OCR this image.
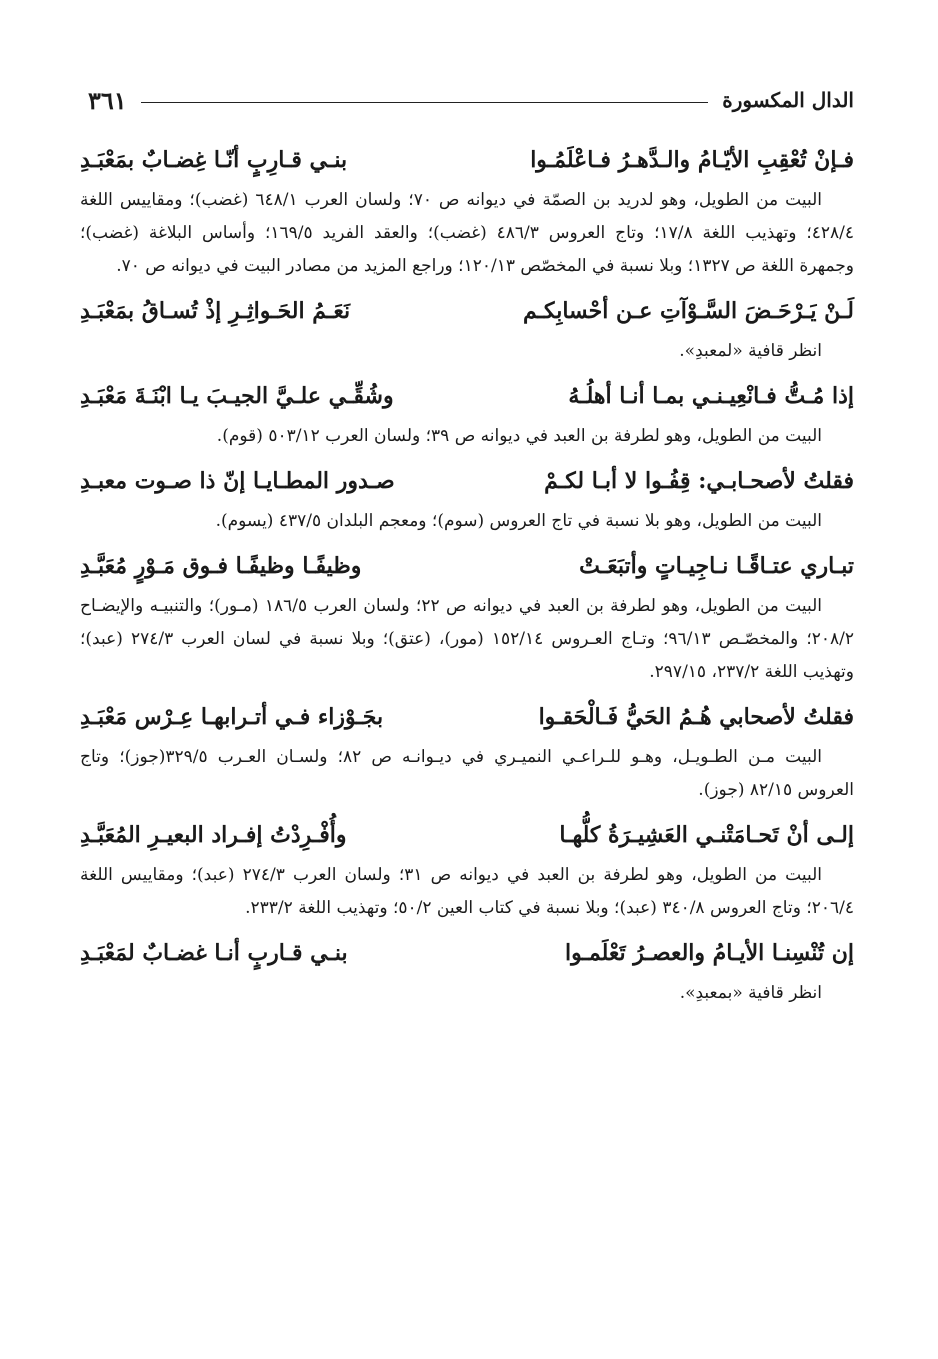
الدال المكسورة
٣٦١

فـإنْ تُعْقِبِ الأيّـامُ والـدَّهـرُ فـاعْلَمُـوا
بنـي قـارِبٍ أنّـا غِضـابٌ بمَعْبَـدِ

البيت من الطويل، وهو لدريد بن الصمّة في ديوانه ص ٧٠؛ ولسان العرب ٦٤٨/١ (غضب)؛ ومقاييس اللغة ٤٢٨/٤؛ وتهذيب اللغة ١٧/٨؛ وتاج العروس ٤٨٦/٣ (غضب)؛ والعقد الفريد ١٦٩/٥؛ وأساس البلاغة (غضب)؛ وجمهرة اللغة ص ١٣٢٧؛ وبلا نسبة في المخصّص ١٢٠/١٣؛ وراجع المزيد من مصادر البيت في ديوانه ص ٧٠.

لَـنْ يَـرْحَـضَ السَّـوْآتِ عـن أحْسابِكـم
نَعَـمُ الحَـواثِـرِ إذْ تُسـاقُ بمَعْبَـدِ

انظر قافية «لمعبدِ».

إذا مُـتُّ فـانْعِيـنـي بمـا أنـا أهلُـهُ
وشُقِّـي علـيَّ الجيـبَ يـا ابْنَـةَ مَعْبَـدِ

البيت من الطويل، وهو لطرفة بن العبد في ديوانه ص ٣٩؛ ولسان العرب ٥٠٣/١٢ (قوم).

فقلتُ لأصحـابـي: قِفُـوا لا أبـا لكـمْ
صـدور المطـايـا إنّ ذا صـوت معبـدِ

البيت من الطويل، وهو بلا نسبة في تاج العروس (سوم)؛ ومعجم البلدان ٤٣٧/٥ (يسوم).

تبـاري عتـاقًـا نـاجِيـاتٍ وأتبَعَـتْ
وظيفًـا وظيفًـا فـوق مَـوْرٍ مُعَبَّـدِ

البيت من الطويل، وهو لطرفة بن العبد في ديوانه ص ٢٢؛ ولسان العرب ١٨٦/٥ (مـور)؛ والتنبيـه والإيضـاح ٢٠٨/٢؛ والمخصّـص ٩٦/١٣؛ وتـاج العـروس ١٥٢/١٤ (مور)، (عتق)؛ وبلا نسبة في لسان العرب ٢٧٤/٣ (عبد)؛ وتهذيب اللغة ٢٣٧/٢، ٢٩٧/١٥.

فقلتُ لأصحابي هُـمُ الحَيُّ فَـالْحَقـوا
بجَـوْزاء فـي أتـرابهـا عِـرْس مَعْبَـدِ

البيت مـن الطـويـل، وهـو للـراعـي النميـري في ديـوانـه ص ٨٢؛ ولسـان العـرب ٣٢٩/٥(جوز)؛ وتاج العروس ٨٢/١٥ (جوز).

إلـى أنْ تَحـامَتْنـي العَشِيـرَةُ كلُّهـا
وأُفْـرِدْتُ إفـراد البعيـرِ المُعَبَّـدِ

البيت من الطويل، وهو لطرفة بن العبد في ديوانه ص ٣١؛ ولسان العرب ٢٧٤/٣ (عبد)؛ ومقاييس اللغة ٢٠٦/٤؛ وتاج العروس ٣٤٠/٨ (عبد)؛ وبلا نسبة في كتاب العين ٥٠/٢؛ وتهذيب اللغة ٢٣٣/٢.

إن تُنْسِنـا الأيـامُ والعصـرُ تَعْلَمـوا
بنـي قـاربٍ أنـا غضـابٌ لمَعْبَـدِ

انظر قافية «بمعبدِ».
